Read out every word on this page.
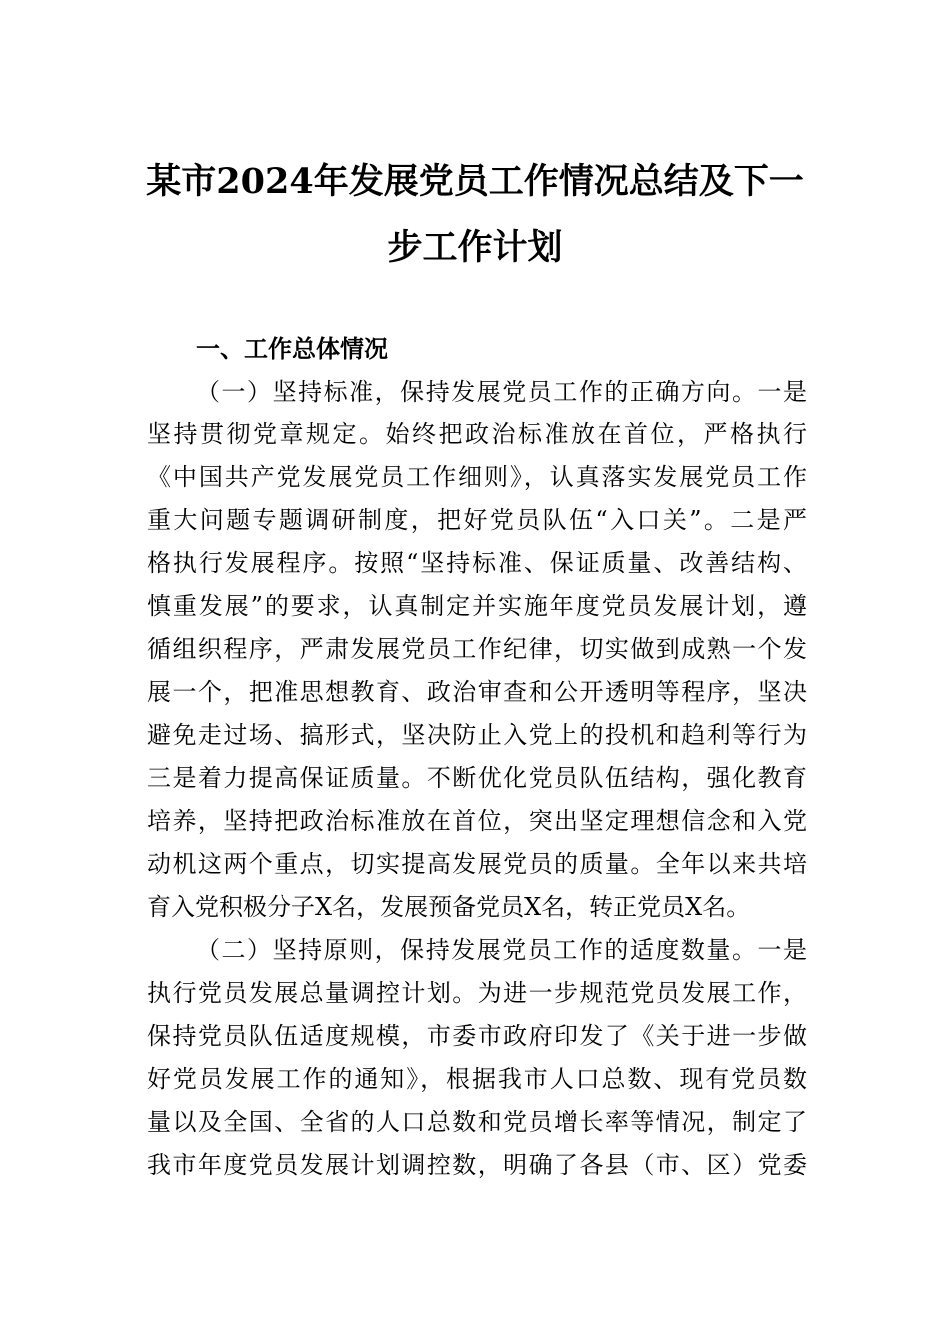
某市2024年发展党员工作情况总结及下一
步工作计划
一、工作总体情况
（一）坚持标准，保持发展党员工作的正确方向。一是
坚持贯彻党章规定。始终把政治标准放在首位，严格执行
《中国共产党发展党员工作细则》，认真落实发展党员工作
重大问题专题调研制度，把好党员队伍“入口关”。二是严
格执行发展程序。按照“坚持标准、保证质量、改善结构、
慎重发展”的要求，认真制定并实施年度党员发展计划，遵
循组织程序，严肃发展党员工作纪律，切实做到成熟一个发
展一个，把准思想教育、政治审查和公开透明等程序，坚决
避免走过场、搞形式，坚决防止入党上的投机和趋利等行为
三是着力提高保证质量。不断优化党员队伍结构，强化教育
培养，坚持把政治标准放在首位，突出坚定理想信念和入党
动机这两个重点，切实提高发展党员的质量。全年以来共培
育入党积极分子X名，发展预备党员X名，转正党员X名。
（二）坚持原则，保持发展党员工作的适度数量。一是
执行党员发展总量调控计划。为进一步规范党员发展工作，
保持党员队伍适度规模，市委市政府印发了《关于进一步做
好党员发展工作的通知》，根据我市人口总数、现有党员数
量以及全国、全省的人口总数和党员增长率等情况，制定了
我市年度党员发展计划调控数，明确了各县（市、区）党委
